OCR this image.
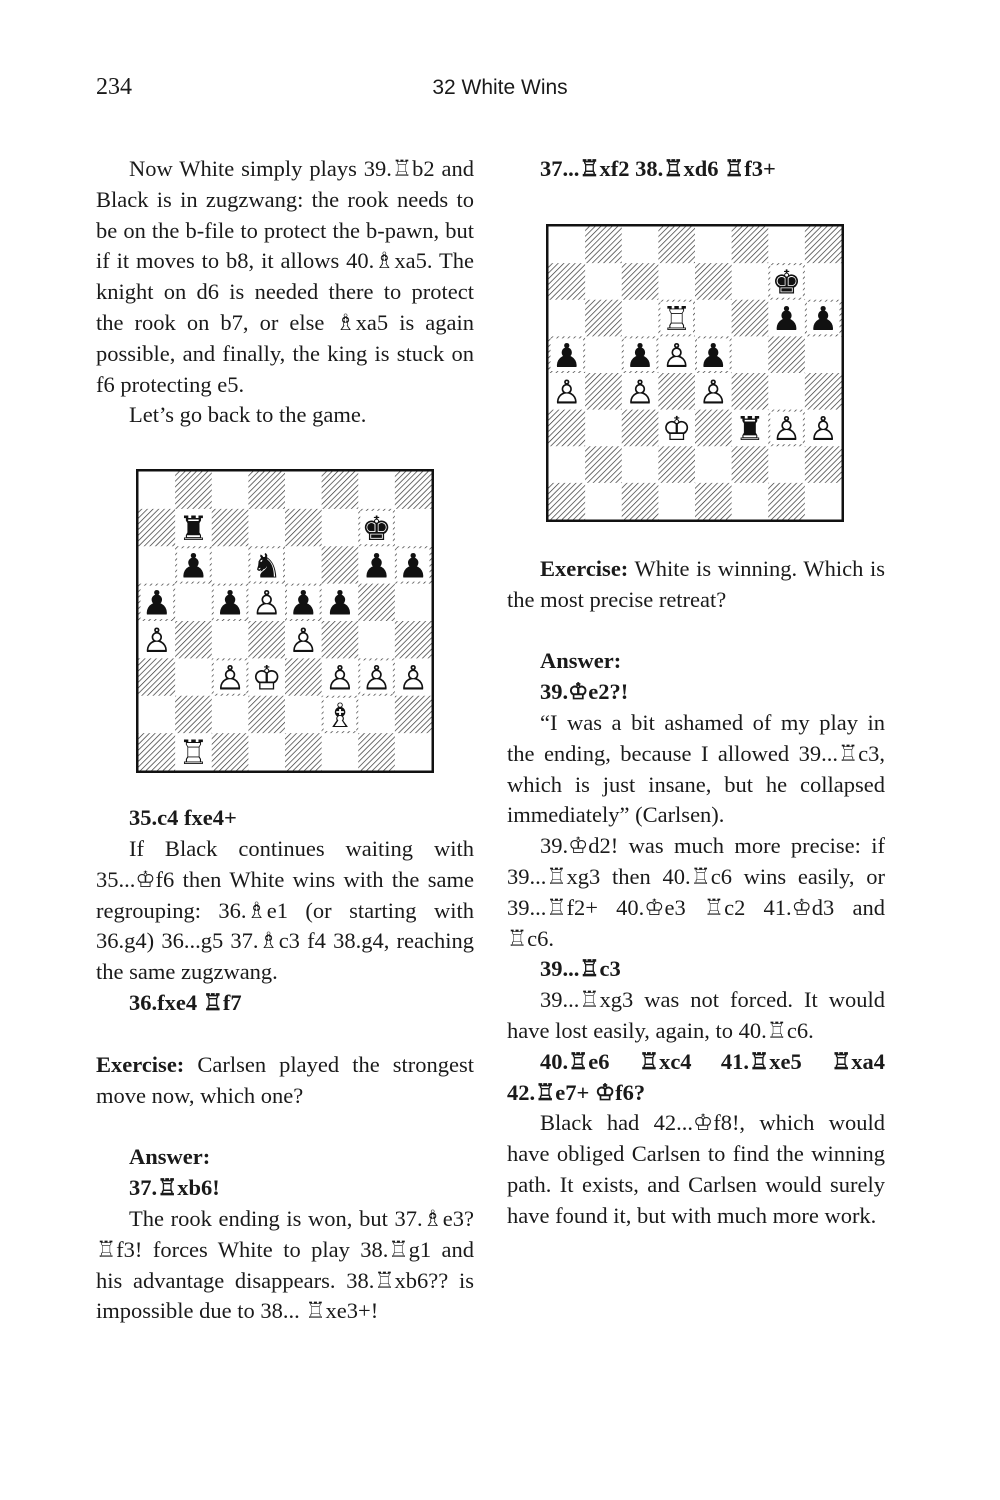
234	32 White Wins

Now White simply plays 39.♖b2 and Black is in zugzwang: the rook needs to be on the b-file to protect the b-pawn, but if it moves to b8, it allows 40.♗xa5. The knight on d6 is needed there to protect the rook on b7, or else ♗xa5 is again possible, and finally, the king is stuck on f6 protecting e5.

Let’s go back to the game.

♜	♚
♟ ♞ ♟ ♟
♟ ♟ ♙ ♟ ♟
♙	♙
♙ ♔ ♙ ♙ ♙
♗
♖

35.c4 fxe4+

If Black continues waiting with 35...♔f6 then White wins with the same regrouping: 36.♗e1 (or starting with 36.g4) 36...g5 37.♗c3 f4 38.g4, reaching the same zugzwang.

36.fxe4 ♖f7

Exercise: Carlsen played the strongest move now, which one?

Answer:

37.♖xb6!

The rook ending is won, but 37.♗e3? ♖f3! forces White to play 38.♖g1 and his advantage disappears. 38.♖xb6?? is impossible due to 38... ♖xe3+!

37...♖xf2 38.♖xd6 ♖f3+

♚
♖ ♟ ♟
♟ ♟ ♙ ♟
♙ ♙ ♙
♔ ♜ ♙ ♙

Exercise: White is winning. Which is the most precise retreat?

Answer:

39.♔e2?!

“I was a bit ashamed of my play in the ending, because I allowed 39...♖c3, which is just insane, but he collapsed immediately” (Carlsen).

39.♔d2! was much more precise: if 39...♖xg3 then 40.♖c6 wins easily, or 39...♖f2+ 40.♔e3 ♖c2 41.♔d3 and ♖c6.

39...♖c3

39...♖xg3 was not forced. It would have lost easily, again, to 40.♖c6.

40.♖e6 ♖xc4 41.♖xe5 ♖xa4 42.♖e7+ ♔f6?

Black had 42...♔f8!, which would have obliged Carlsen to find the winning path. It exists, and Carlsen would surely have found it, but with much more work.
